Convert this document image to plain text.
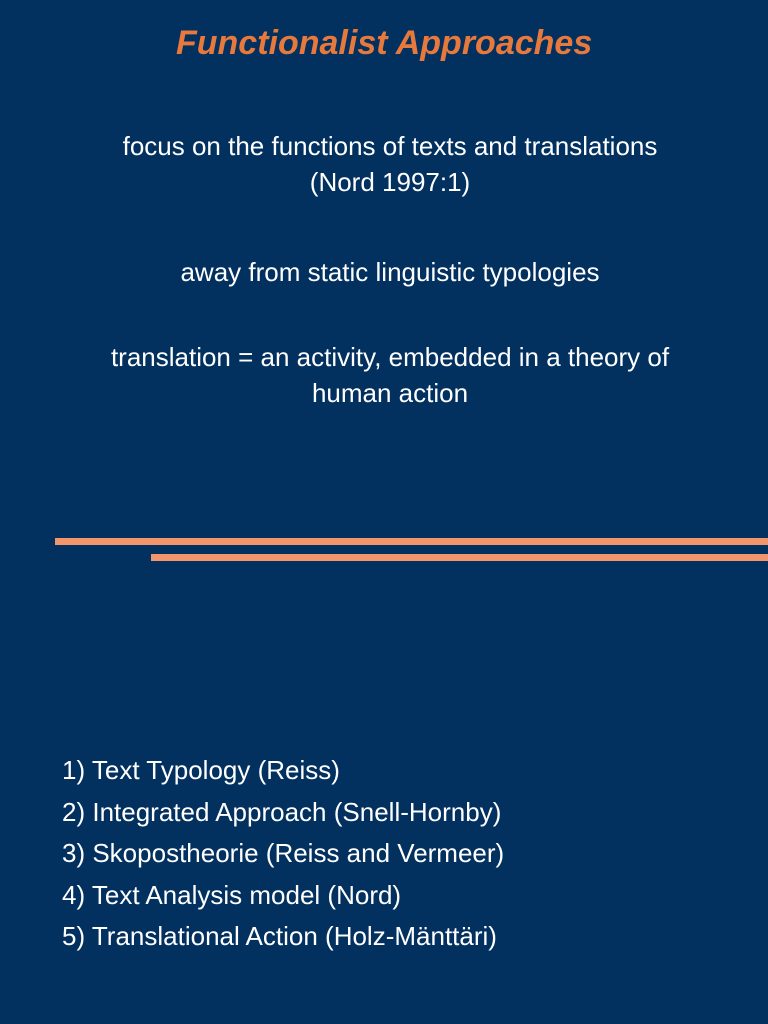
Functionalist Approaches
focus on the functions of texts and translations
(Nord 1997:1)
away from static linguistic typologies
translation = an activity, embedded in a theory of
human action
1) Text Typology (Reiss)
2) Integrated Approach (Snell-Hornby)
3) Skopostheorie (Reiss and Vermeer)
4) Text Analysis model (Nord)
5) Translational Action (Holz-Mänttäri)
